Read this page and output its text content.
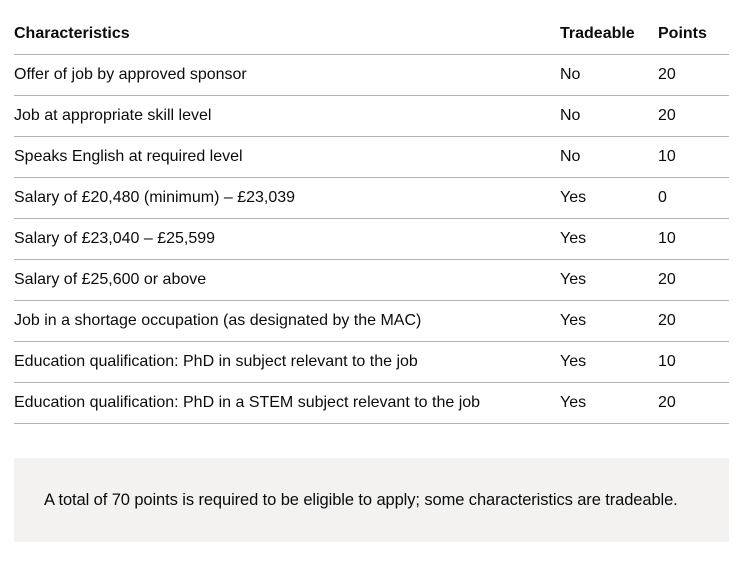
Characteristics	Tradeable	Points
Offer of job by approved sponsor	No	20
Job at appropriate skill level	No	20
Speaks English at required level	No	10
Salary of £20,480 (minimum) – £23,039	Yes	0
Salary of £23,040 – £25,599	Yes	10
Salary of £25,600 or above	Yes	20
Job in a shortage occupation (as designated by the MAC)	Yes	20
Education qualification: PhD in subject relevant to the job	Yes	10
Education qualification: PhD in a STEM subject relevant to the job	Yes	20

A total of 70 points is required to be eligible to apply; some characteristics are tradeable.
